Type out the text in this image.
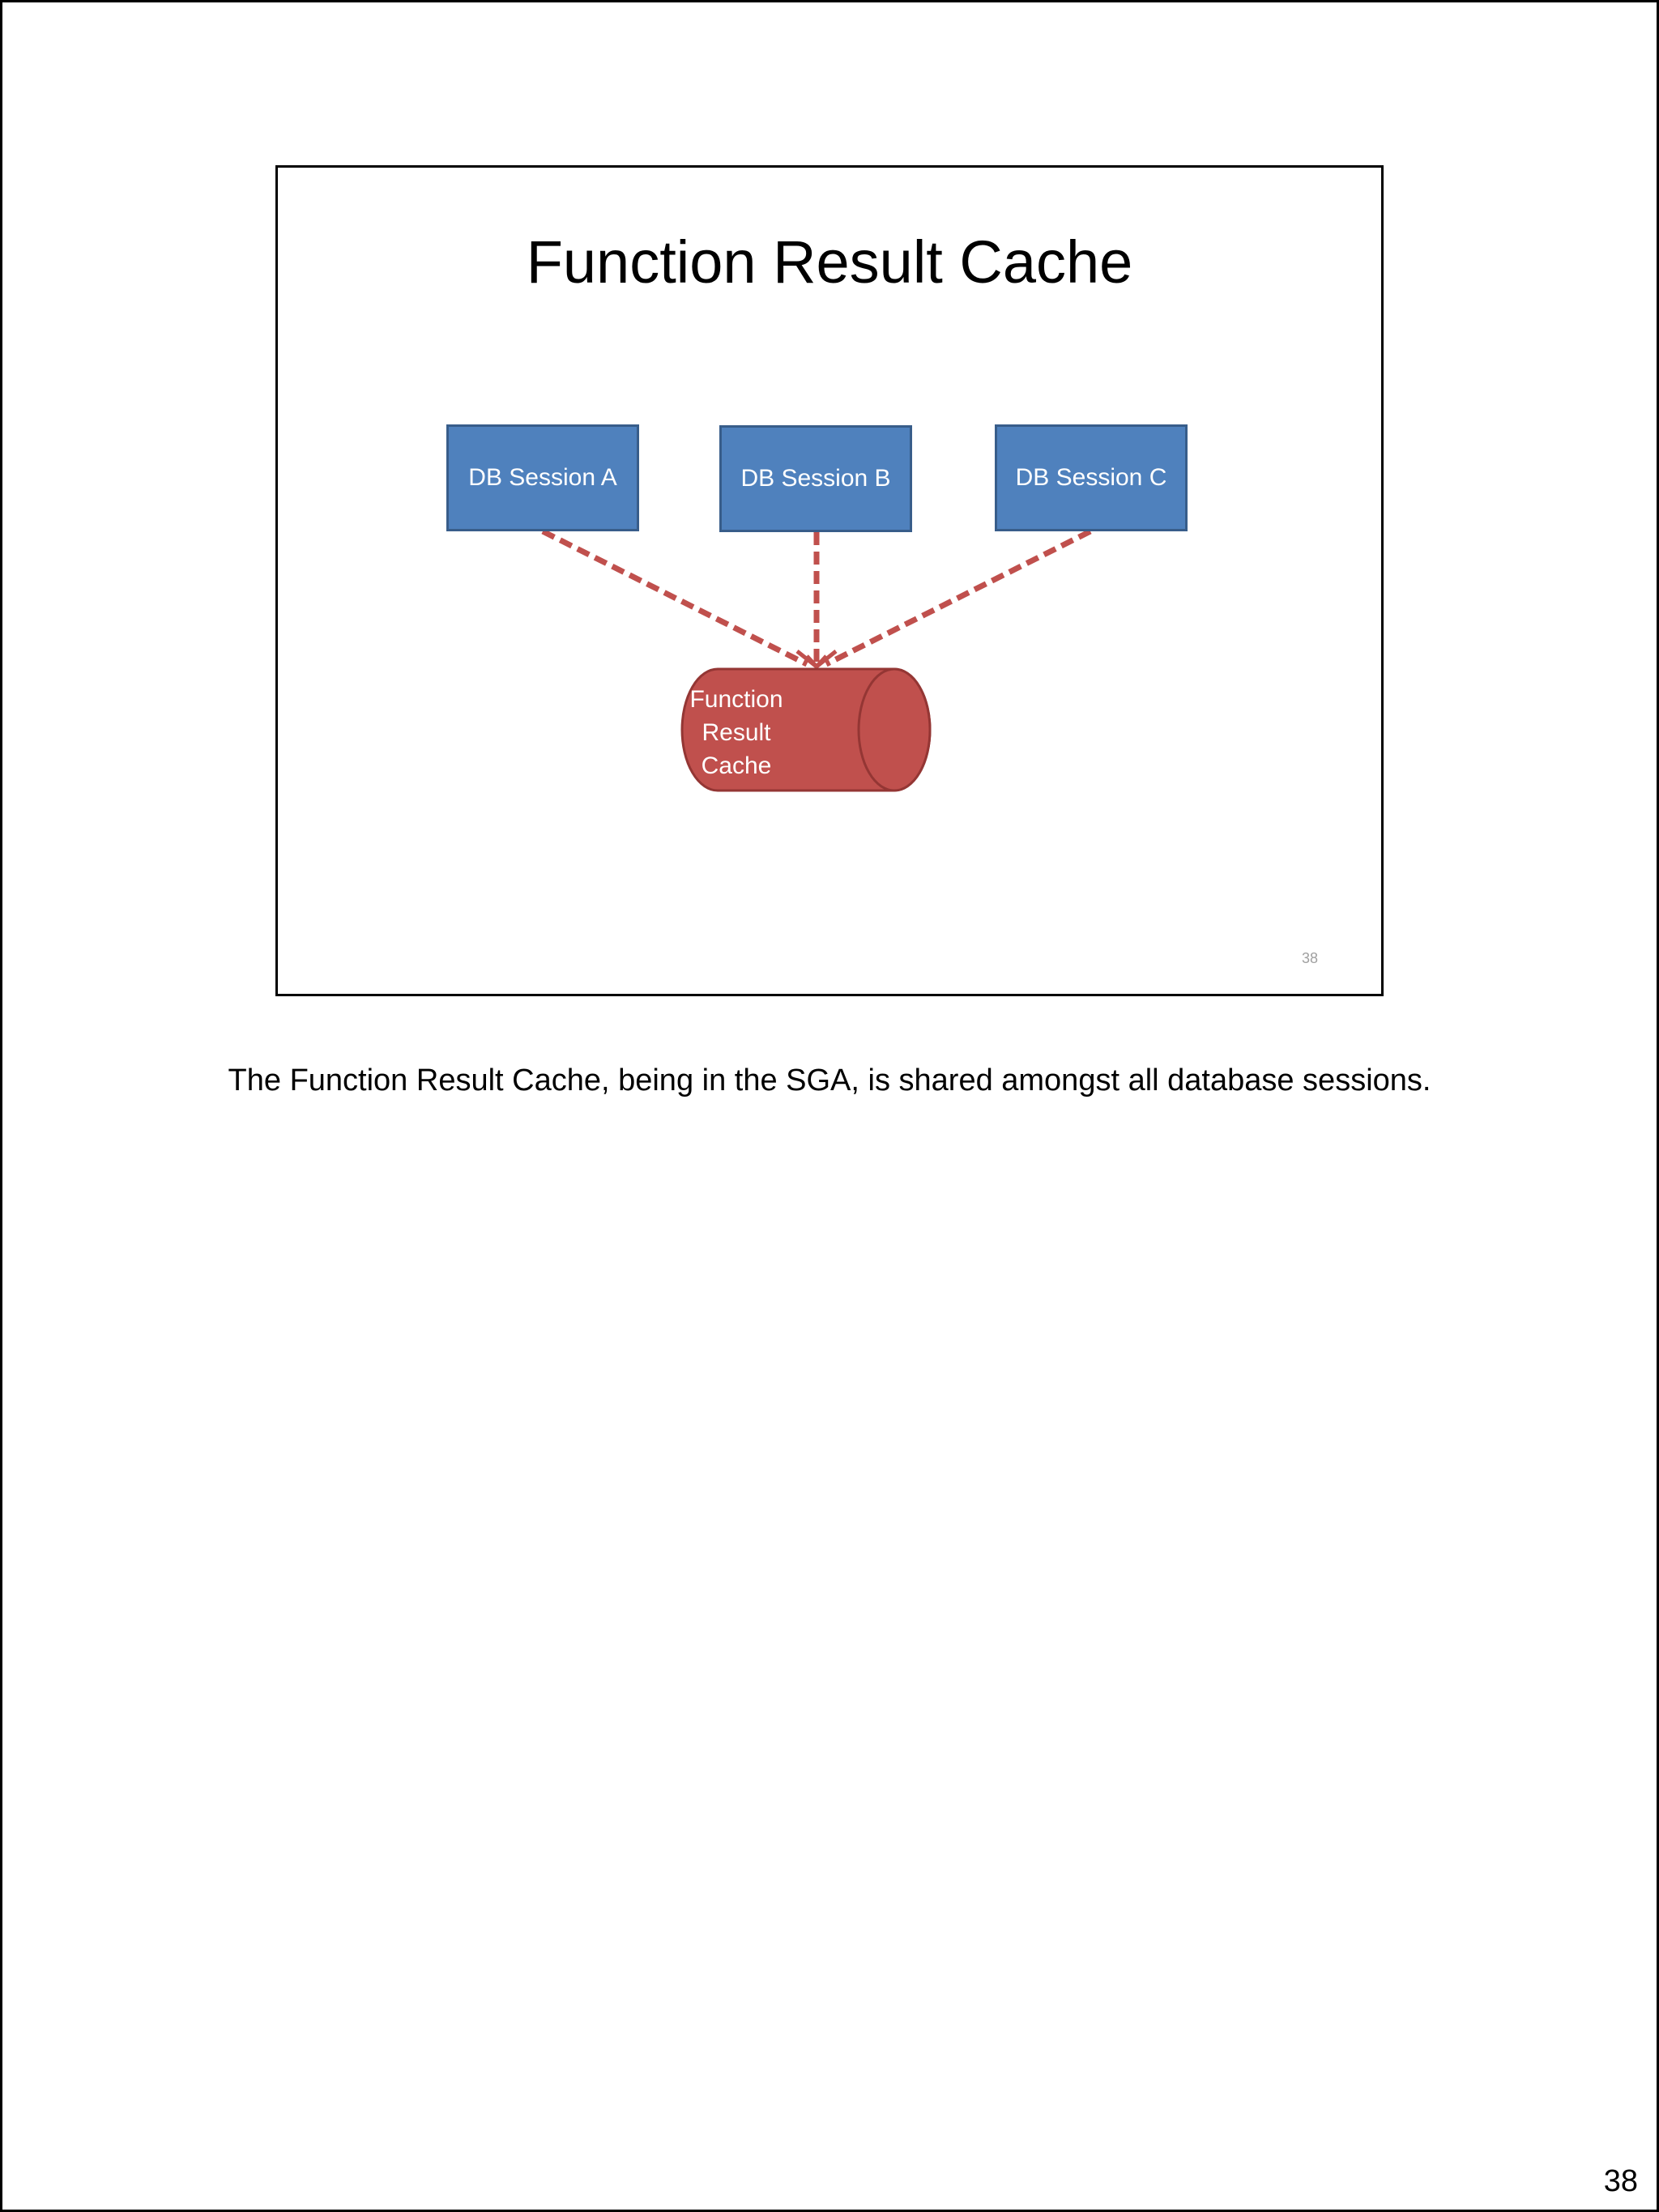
Function Result Cache
DB Session A	DB Session B	DB Session C
Function
Result
Cache
38
The Function Result Cache, being in the SGA, is shared amongst all database sessions.
38
